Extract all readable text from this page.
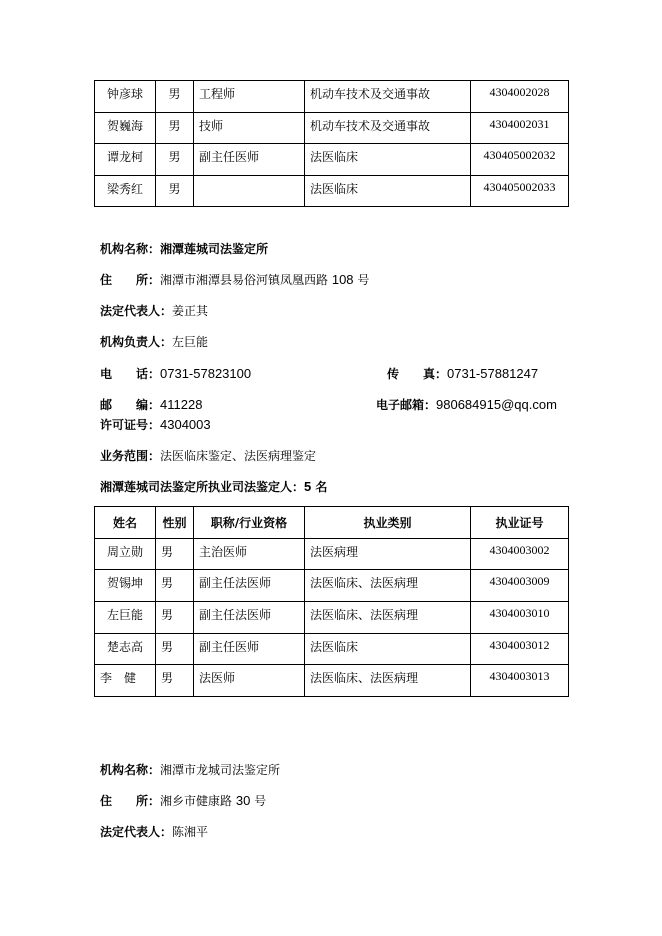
钟彦球	男	工程师	机动车技术及交通事故	4304002028
贺巍海	男	技师	机动车技术及交通事故	4304002031
谭龙柯	男	副主任医师	法医临床	430405002032
梁秀红	男		法医临床	430405002033
机构名称：湘潭莲城司法鉴定所
住　　所：湘潭市湘潭县易俗河镇凤凰西路 108 号
法定代表人：姜正其
机构负责人：左巨能
电　　话：0731-57823100	传　　真：0731-57881247
邮　　编：411228	电子邮箱：980684915@qq.com
许可证号：4304003
业务范围：法医临床鉴定、法医病理鉴定
湘潭莲城司法鉴定所执业司法鉴定人：5 名
姓名	性别	职称/行业资格	执业类别	执业证号
周立勋	男	主治医师	法医病理	4304003002
贺锡坤	男	副主任法医师	法医临床、法医病理	4304003009
左巨能	男	副主任法医师	法医临床、法医病理	4304003010
楚志高	男	副主任医师	法医临床	4304003012
李　健	男	法医师	法医临床、法医病理	4304003013
机构名称：湘潭市龙城司法鉴定所
住　　所：湘乡市健康路 30 号
法定代表人：陈湘平
